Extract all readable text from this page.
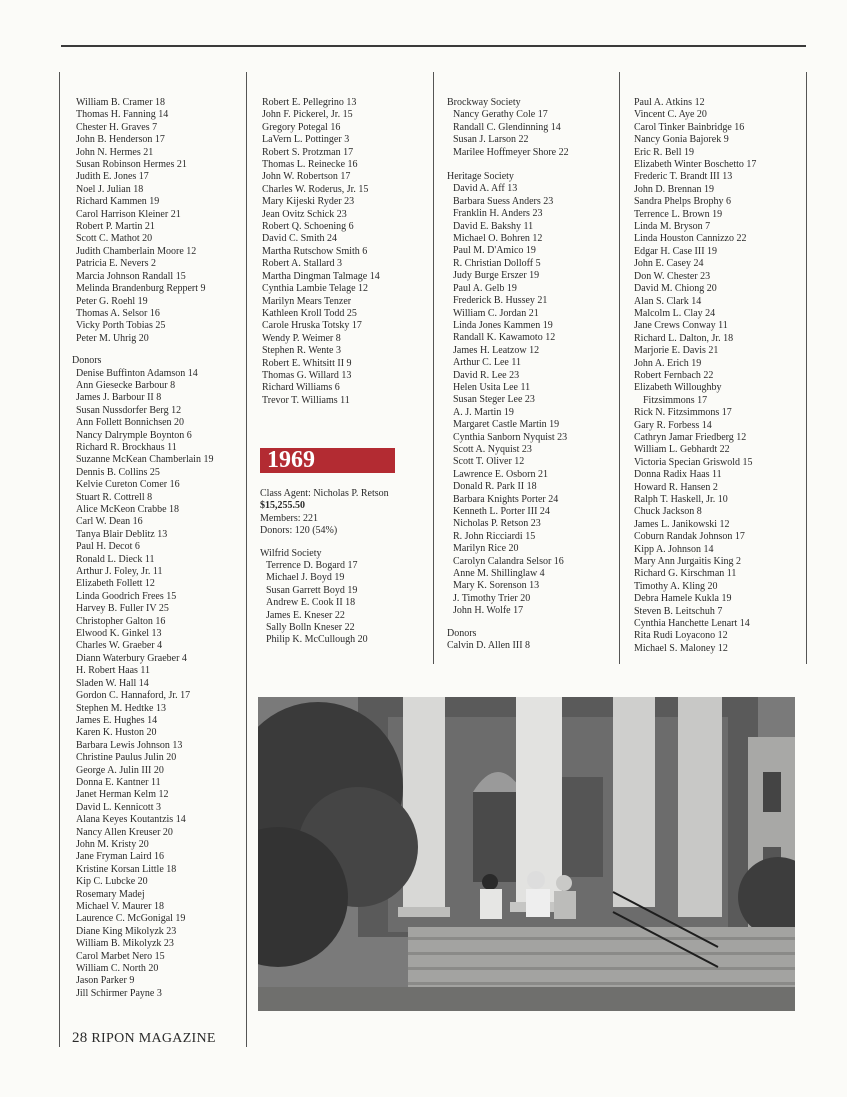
William B. Cramer 18
Thomas H. Fanning 14
Chester H. Graves 7
John B. Henderson 17
John N. Hermes 21
Susan Robinson Hermes 21
Judith E. Jones 17
Noel J. Julian 18
Richard Kammen 19
Carol Harrison Kleiner 21
Robert P. Martin 21
Scott C. Mathot 20
Judith Chamberlain Moore 12
Patricia E. Nevers 2
Marcia Johnson Randall 15
Melinda Brandenburg Reppert 9
Peter G. Roehl 19
Thomas A. Selsor 16
Vicky Porth Tobias 25
Peter M. Uhrig 20
Donors
Denise Buffinton Adamson 14
Ann Giesecke Barbour 8
James J. Barbour II 8
Susan Nussdorfer Berg 12
Ann Follett Bonnichsen 20
Nancy Dalrymple Boynton 6
Richard R. Brockhaus 11
Suzanne McKean Chamberlain 19
Dennis B. Collins 25
Kelvie Cureton Comer 16
Stuart R. Cottrell 8
Alice McKeon Crabbe 18
Carl W. Dean 16
Tanya Blair Deblitz 13
Paul H. Decot 6
Ronald L. Dieck 11
Arthur J. Foley, Jr. 11
Elizabeth Follett 12
Linda Goodrich Frees 15
Harvey B. Fuller IV 25
Christopher Galton 16
Elwood K. Ginkel 13
Charles W. Graeber 4
Diann Waterbury Graeber 4
H. Robert Haas 11
Sladen W. Hall 14
Gordon C. Hannaford, Jr. 17
Stephen M. Hedtke 13
James E. Hughes 14
Karen K. Huston 20
Barbara Lewis Johnson 13
Christine Paulus Julin 20
George A. Julin III 20
Donna E. Kantner 11
Janet Herman Kelm 12
David L. Kennicott 3
Alana Keyes Koutantzis 14
Nancy Allen Kreuser 20
John M. Kristy 20
Jane Fryman Laird 16
Kristine Korsan Little 18
Kip C. Lubcke 20
Rosemary Madej
Michael V. Maurer 18
Laurence C. McGonigal 19
Diane King Mikolyzk 23
William B. Mikolyzk 23
Carol Marbet Nero 15
William C. North 20
Jason Parker 9
Jill Schirmer Payne 3
Robert E. Pellegrino 13
John F. Pickerel, Jr. 15
Gregory Potegal 16
LaVern L. Pottinger 3
Robert S. Protzman 17
Thomas L. Reinecke 16
John W. Robertson 17
Charles W. Roderus, Jr. 15
Mary Kijeski Ryder 23
Jean Ovitz Schick 23
Robert Q. Schoening 6
David C. Smith 24
Martha Rutschow Smith 6
Robert A. Stallard 3
Martha Dingman Talmage 14
Cynthia Lambie Telage 12
Marilyn Mears Tenzer
Kathleen Kroll Todd 25
Carole Hruska Totsky 17
Wendy P. Weimer 8
Stephen R. Wente 3
Robert E. Whitsitt II 9
Thomas G. Willard 13
Richard Williams 6
Trevor T. Williams 11
1969
Class Agent: Nicholas P. Retson
$15,255.50
Members: 221
Donors: 120 (54%)
Wilfrid Society
Terrence D. Bogard 17
Michael J. Boyd 19
Susan Garrett Boyd 19
Andrew E. Cook II 18
James E. Kneser 22
Sally Bolln Kneser 22
Philip K. McCullough 20
Brockway Society
Nancy Gerathy Cole 17
Randall C. Glendinning 14
Susan J. Larson 22
Marilee Hoffmeyer Shore 22
Heritage Society
David A. Aff 13
Barbara Suess Anders 23
Franklin H. Anders 23
David E. Bakshy 11
Michael O. Bohren 12
Paul M. D'Amico 19
R. Christian Dolloff 5
Judy Burge Erszer 19
Paul A. Gelb 19
Frederick B. Hussey 21
William C. Jordan 21
Linda Jones Kammen 19
Randall K. Kawamoto 12
James H. Leatzow 12
Arthur C. Lee 11
David R. Lee 23
Helen Usita Lee 11
Susan Steger Lee 23
A. J. Martin 19
Margaret Castle Martin 19
Cynthia Sanborn Nyquist 23
Scott A. Nyquist 23
Scott T. Oliver 12
Lawrence E. Osborn 21
Donald R. Park II 18
Barbara Knights Porter 24
Kenneth L. Porter III 24
Nicholas P. Retson 23
R. John Ricciardi 15
Marilyn Rice 20
Carolyn Calandra Selsor 16
Anne M. Shillinglaw 4
Mary K. Sorenson 13
J. Timothy Trier 20
John H. Wolfe 17
Donors
Calvin D. Allen III 8
Paul A. Atkins 12
Vincent C. Aye 20
Carol Tinker Bainbridge 16
Nancy Gonia Bajorek 9
Eric R. Bell 19
Elizabeth Winter Boschetto 17
Frederic T. Brandt III 13
John D. Brennan 19
Sandra Phelps Brophy 6
Terrence L. Brown 19
Linda M. Bryson 7
Linda Houston Cannizzo 22
Edgar H. Case III 19
John E. Casey 24
Don W. Chester 23
David M. Chiong 20
Alan S. Clark 14
Malcolm L. Clay 24
Jane Crews Conway 11
Richard L. Dalton, Jr. 18
Marjorie E. Davis 21
John A. Erich 19
Robert Fernbach 22
Elizabeth Willoughby
Fitzsimmons 17
Rick N. Fitzsimmons 17
Gary R. Forbess 14
Cathryn Jamar Friedberg 12
William L. Gebhardt 22
Victoria Specian Griswold 15
Donna Radix Haas 11
Howard R. Hansen 2
Ralph T. Haskell, Jr. 10
Chuck Jackson 8
James L. Janikowski 12
Coburn Randak Johnson 17
Kipp A. Johnson 14
Mary Ann Jurgaitis King 2
Richard G. Kirschman 11
Timothy A. Kling 20
Debra Hamele Kukla 19
Steven B. Leitschuh 7
Cynthia Hanchette Lenart 14
Rita Rudi Loyacono 12
Michael S. Maloney 12
28 RIPON MAGAZINE
